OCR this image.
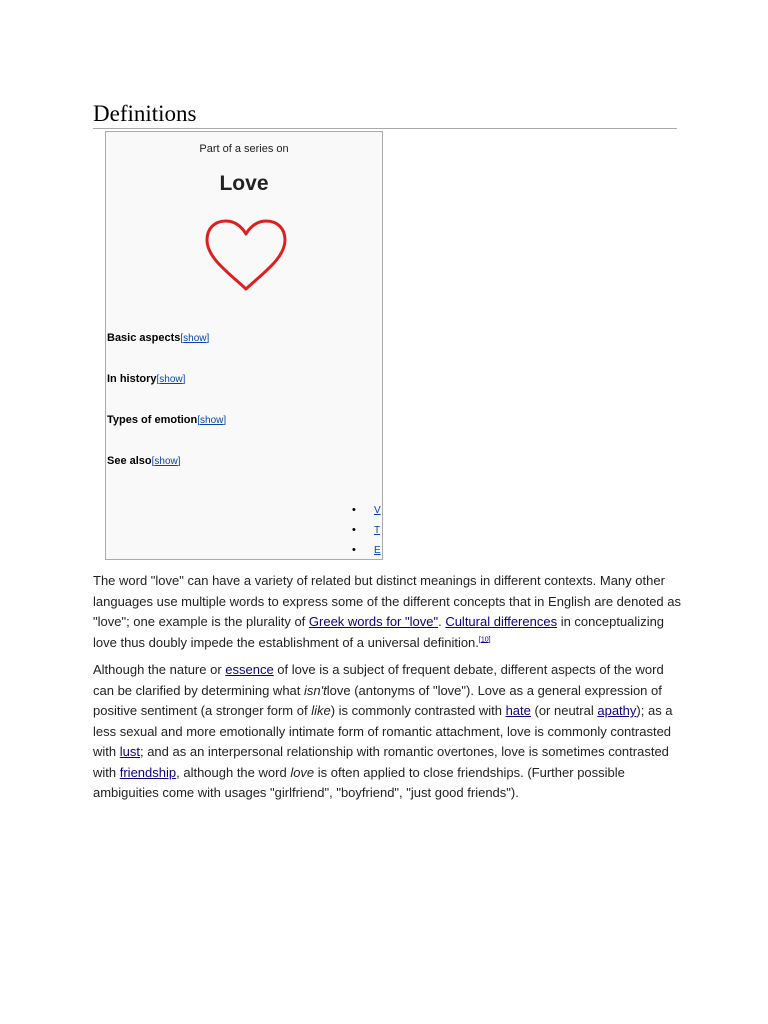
Definitions
Part of a series on
Love
Basic aspects[show]
In history[show]
Types of emotion[show]
See also[show]
• V
• T
• E

The word "love" can have a variety of related but distinct meanings in different contexts. Many other languages use multiple words to express some of the different concepts that in English are denoted as "love"; one example is the plurality of Greek words for "love". Cultural differences in conceptualizing love thus doubly impede the establishment of a universal definition.[10]

Although the nature or essence of love is a subject of frequent debate, different aspects of the word can be clarified by determining what isn'tlove (antonyms of "love"). Love as a general expression of positive sentiment (a stronger form of like) is commonly contrasted with hate (or neutral apathy); as a less sexual and more emotionally intimate form of romantic attachment, love is commonly contrasted with lust; and as an interpersonal relationship with romantic overtones, love is sometimes contrasted with friendship, although the word love is often applied to close friendships. (Further possible ambiguities come with usages "girlfriend", "boyfriend", "just good friends").
